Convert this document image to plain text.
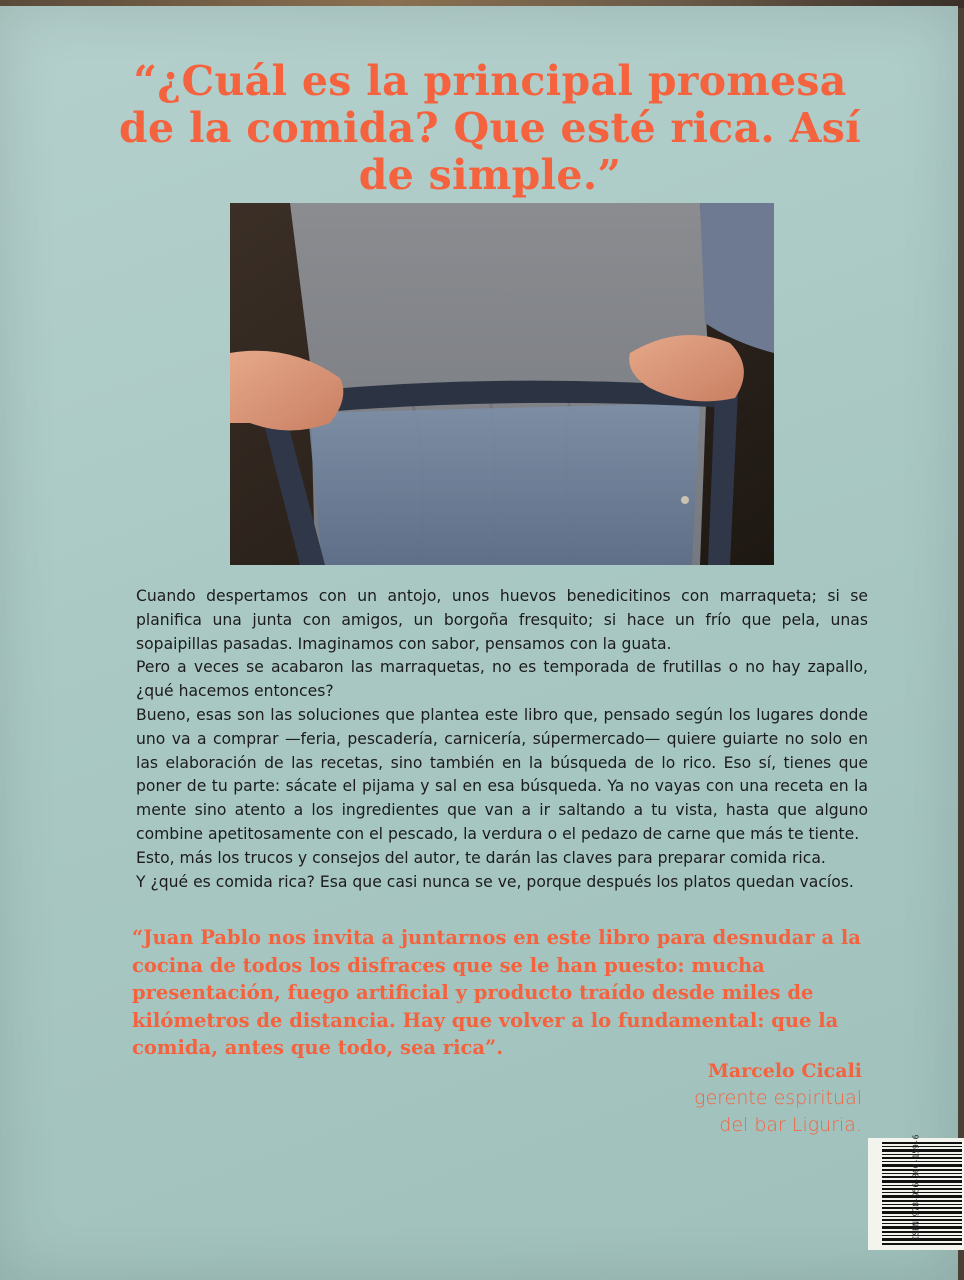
“¿Cuál es la principal promesa de la comida? Que esté rica. Así de simple.”

Cuando despertamos con un antojo, unos huevos benedicitinos con marraqueta; si se planifica una junta con amigos, un borgoña fresquito; si hace un frío que pela, unas sopaipillas pasadas. Imaginamos con sabor, pensamos con la guata.

Pero a veces se acabaron las marraquetas, no es temporada de frutillas o no hay zapallo, ¿qué hacemos entonces?

Bueno, esas son las soluciones que plantea este libro que, pensado según los lugares donde uno va a comprar —feria, pescadería, carnicería, súpermercado— quiere guiarte no solo en las elaboración de las recetas, sino también en la búsqueda de lo rico. Eso sí, tienes que poner de tu parte: sácate el pijama y sal en esa búsqueda. Ya no vayas con una receta en la mente sino atento a los ingredientes que van a ir saltando a tu vista, hasta que alguno combine apetitosamente con el pescado, la verdura o el pedazo de carne que más te tiente.

Esto, más los trucos y consejos del autor, te darán las claves para preparar comida rica.

Y ¿qué es comida rica? Esa que casi nunca se ve, porque después los platos quedan vacíos.

“Juan Pablo nos invita a juntarnos en este libro para desnudar a la cocina de todos los disfraces que se le han puesto: mucha presentación, fuego artificial y producto traído desde miles de kilómetros de distancia. Hay que volver a lo fundamental: que la comida, antes que todo, sea rica”.

Marcelo Cicali
gerente espiritual
del bar Liguria.
ISBN 978-956-360-159-6
